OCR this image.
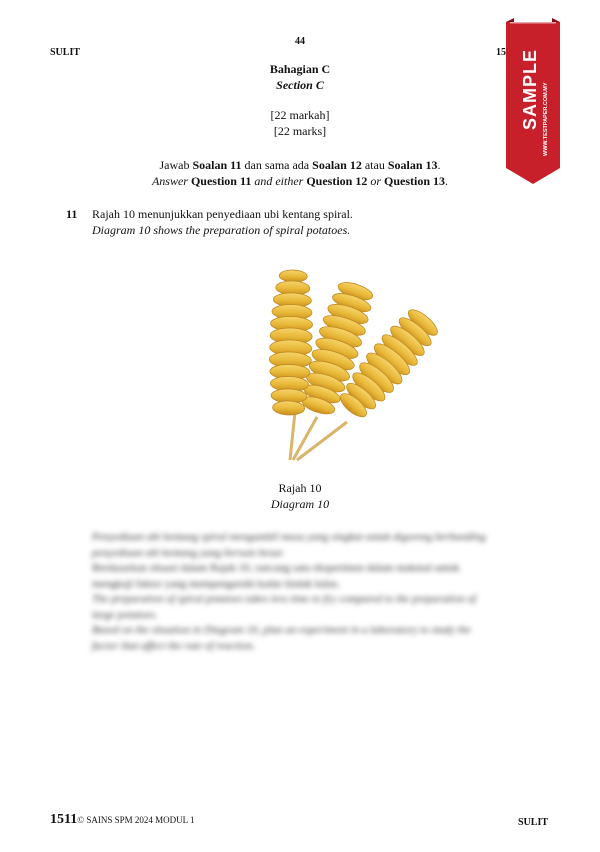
SULIT
44
15
Bahagian C
Section C
[22 markah]
[22 marks]
Jawab Soalan 11 dan sama ada Soalan 12 atau Soalan 13.
Answer Question 11 and either Question 12 or Question 13.
11 Rajah 10 menunjukkan penyediaan ubi kentang spiral.
Diagram 10 shows the preparation of spiral potatoes.
Rajah 10
Diagram 10
Penyediaan ubi kentang spiral mengambil masa yang singkat untuk digoreng berbanding
penyediaan ubi kentang yang bersaiz besar.
Berdasarkan situasi dalam Rajah 10, rancang satu eksperimen dalam makmal untuk
mengkaji faktor yang mempengaruhi kadar tindak balas.
The preparation of spiral potatoes takes less time to fry compared to the preparation of
large potatoes.
Based on the situation in Diagram 10, plan an experiment in a laboratory to study the
factor that affect the rate of reaction.
SAMPLE WWW.TESTPAPER.COM.MY
1511© SAINS SPM 2024 MODUL 1	SULIT
